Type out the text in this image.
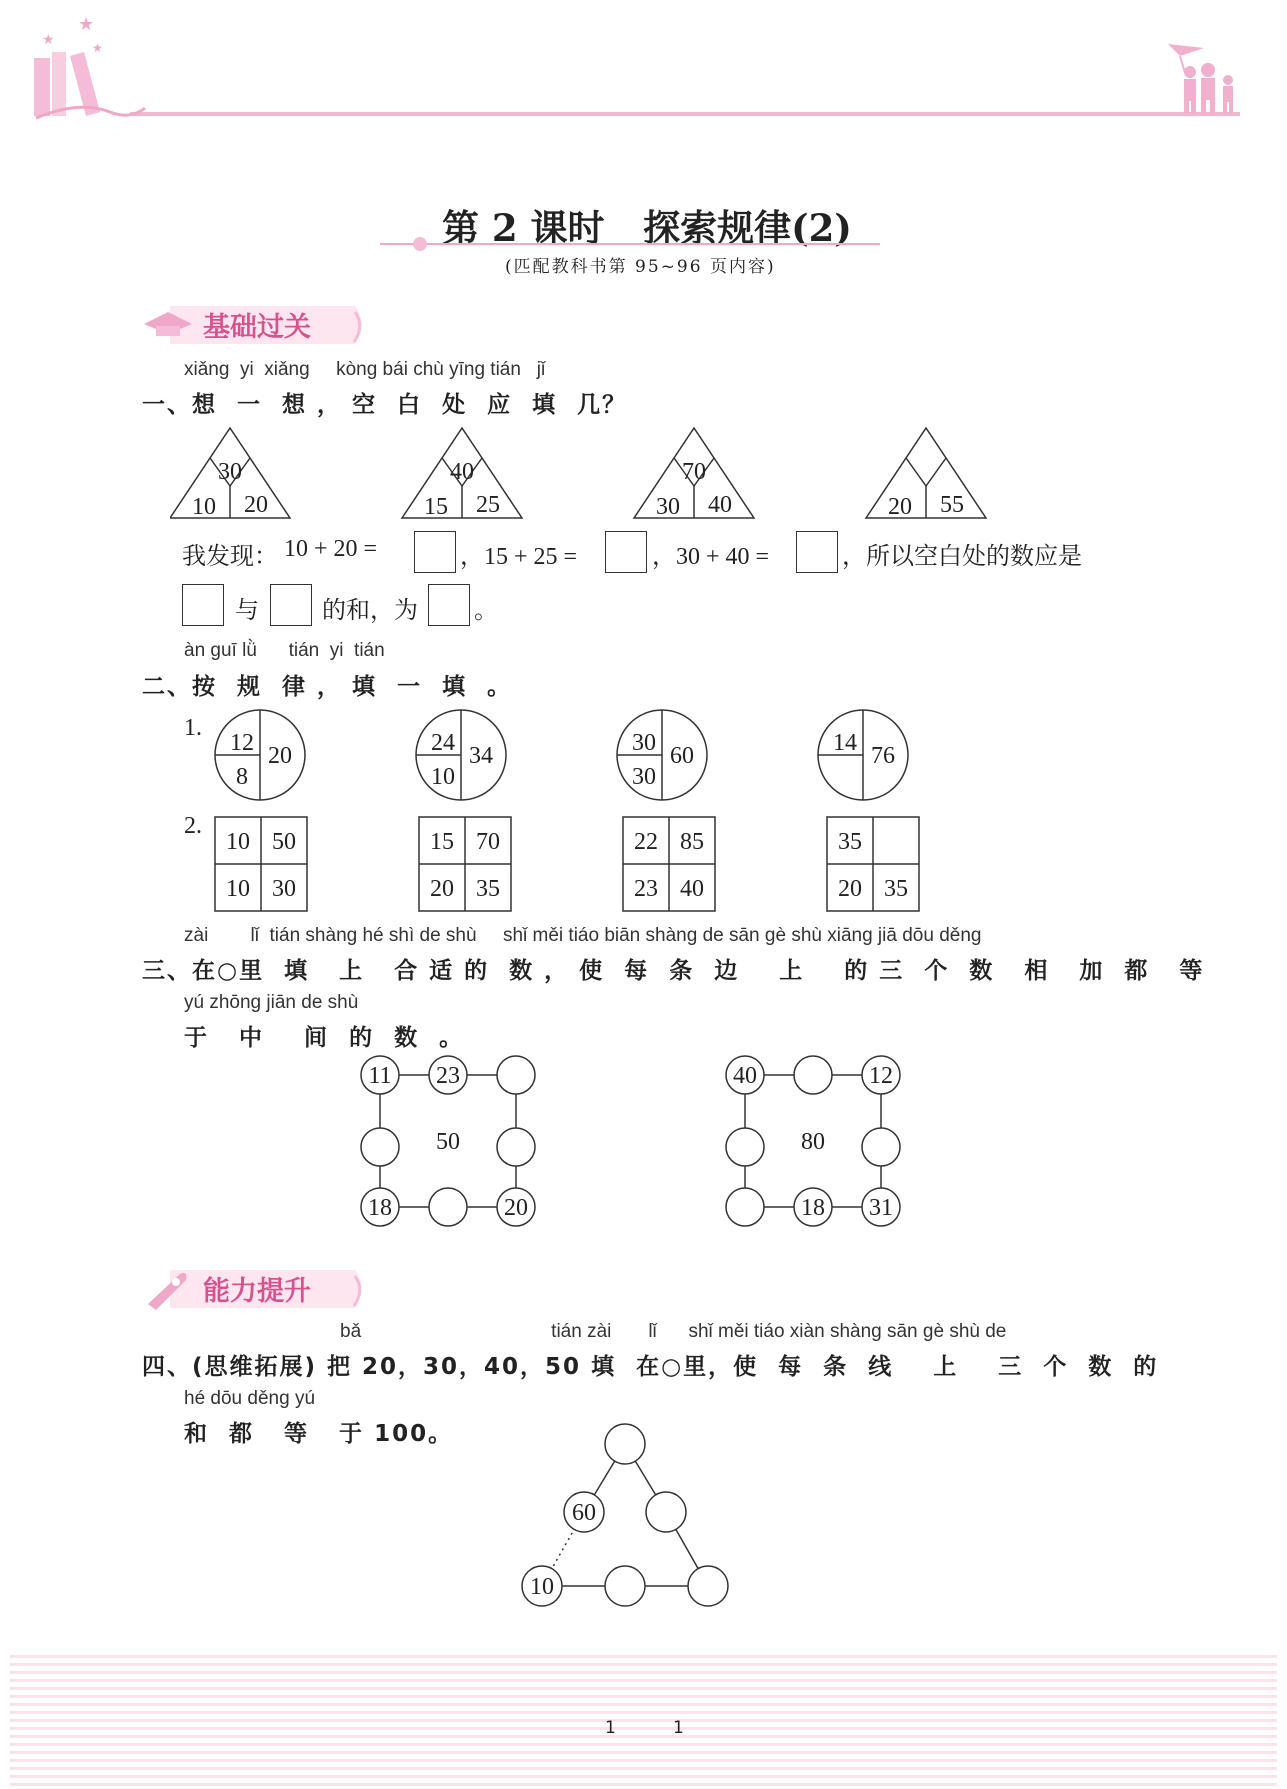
★
★	★
第 2 课时   探索规律(2)
(匹配教科书第 95~96 页内容)
基础过关
xiǎng  yi  xiǎng     kòng bái chù yīng tián   jǐ
一、想  一  想 ， 空  白  处  应  填  几？
30
10 20
40
15 25
70
30 40	20 55
我发现： 10 + 20 =	，15 + 25 =	，30 + 40 =	，所以空白处的数应是
与	的和，为 。
àn guī lǜ      tián  yi  tián
二、按  规  律 ， 填  一  填  。
1.
12
8
20	24
10
34	30
30
60	14 76
2.
10 50
10 30
15 70
20 35
22 85
23 40
35
20 35
zài        lǐ  tián shàng hé shì de shù     shǐ měi tiáo biān shàng de sān gè shù xiāng jiā dōu děng
三、在○里  填   上   合 适 的  数 ， 使  每  条  边    上    的 三  个  数   相   加  都   等
yú zhōng jiān de shù
于   中    间  的  数  。
11 23
18	20
50
40	12
18 31
80
能力提升
bǎ                                    tián zài       lǐ      shǐ měi tiáo xiàn shàng sān gè shù de
四、(思维拓展) 把 20，30，40，50 填  在○里，使  每  条  线    上    三  个  数  的
hé dōu děng yú
和  都   等   于 100。
60
10
1	1
